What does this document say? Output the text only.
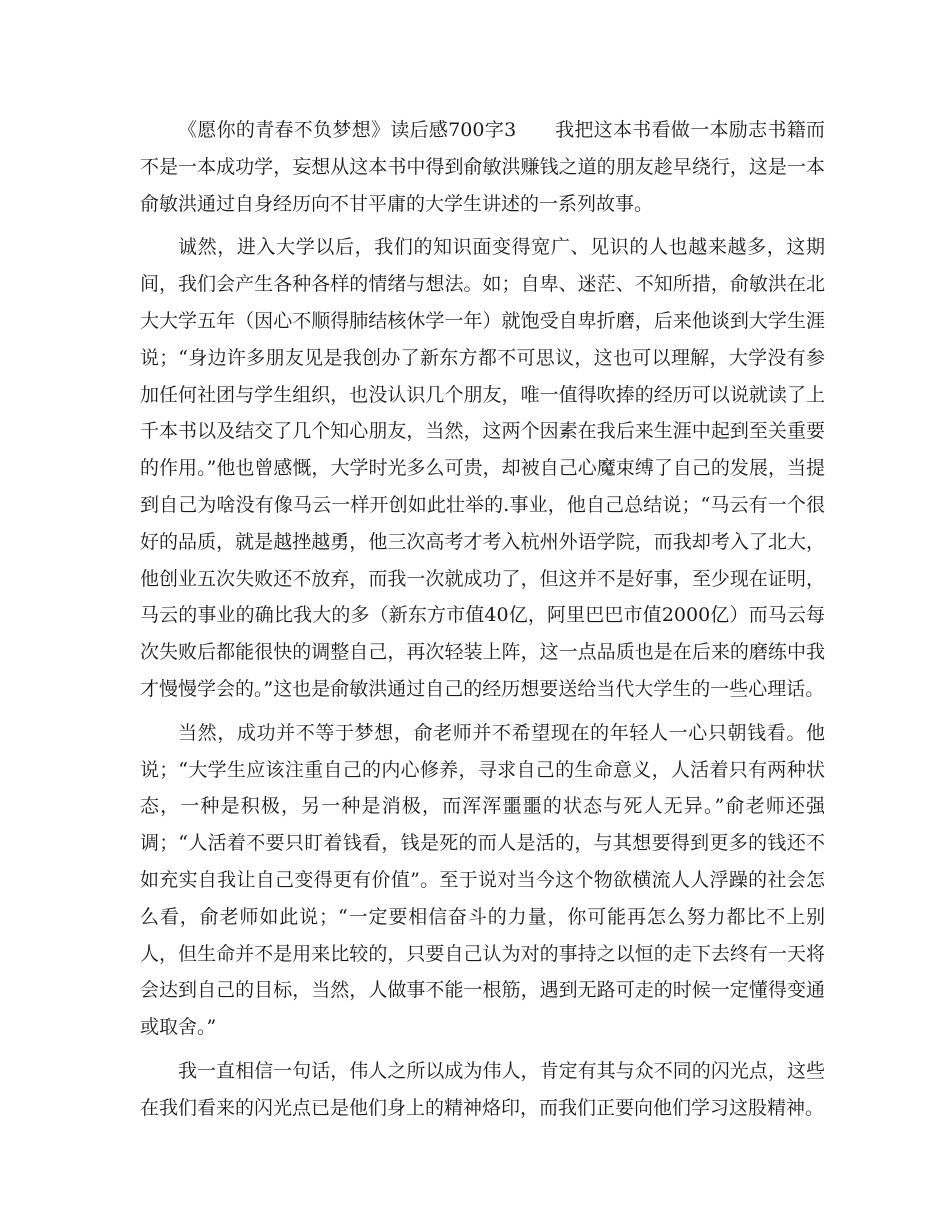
《愿你的青春不负梦想》读后感700字3　　我把这本书看做一本励志书籍而不是一本成功学，妄想从这本书中得到俞敏洪赚钱之道的朋友趁早绕行，这是一本俞敏洪通过自身经历向不甘平庸的大学生讲述的一系列故事。

诚然，进入大学以后，我们的知识面变得宽广、见识的人也越来越多，这期间，我们会产生各种各样的情绪与想法。如；自卑、迷茫、不知所措，俞敏洪在北大大学五年（因心不顺得肺结核休学一年）就饱受自卑折磨，后来他谈到大学生涯说；“身边许多朋友见是我创办了新东方都不可思议，这也可以理解，大学没有参加任何社团与学生组织，也没认识几个朋友，唯一值得吹捧的经历可以说就读了上千本书以及结交了几个知心朋友，当然，这两个因素在我后来生涯中起到至关重要的作用。”他也曾感慨，大学时光多么可贵，却被自己心魔束缚了自己的发展，当提到自己为啥没有像马云一样开创如此壮举的.事业，他自己总结说；“马云有一个很好的品质，就是越挫越勇，他三次高考才考入杭州外语学院，而我却考入了北大，他创业五次失败还不放弃，而我一次就成功了，但这并不是好事，至少现在证明，马云的事业的确比我大的多（新东方市值40亿，阿里巴巴市值2000亿）而马云每次失败后都能很快的调整自己，再次轻装上阵，这一点品质也是在后来的磨练中我才慢慢学会的。”这也是俞敏洪通过自己的经历想要送给当代大学生的一些心理话。

当然，成功并不等于梦想，俞老师并不希望现在的年轻人一心只朝钱看。他说；“大学生应该注重自己的内心修养，寻求自己的生命意义，人活着只有两种状态，一种是积极，另一种是消极，而浑浑噩噩的状态与死人无异。”俞老师还强调；“人活着不要只盯着钱看，钱是死的而人是活的，与其想要得到更多的钱还不如充实自我让自己变得更有价值”。至于说对当今这个物欲横流人人浮躁的社会怎么看，俞老师如此说；“一定要相信奋斗的力量，你可能再怎么努力都比不上别人，但生命并不是用来比较的，只要自己认为对的事持之以恒的走下去终有一天将会达到自己的目标，当然，人做事不能一根筋，遇到无路可走的时候一定懂得变通或取舍。”

我一直相信一句话，伟人之所以成为伟人，肯定有其与众不同的闪光点，这些在我们看来的闪光点已是他们身上的精神烙印，而我们正要向他们学习这股精神。
